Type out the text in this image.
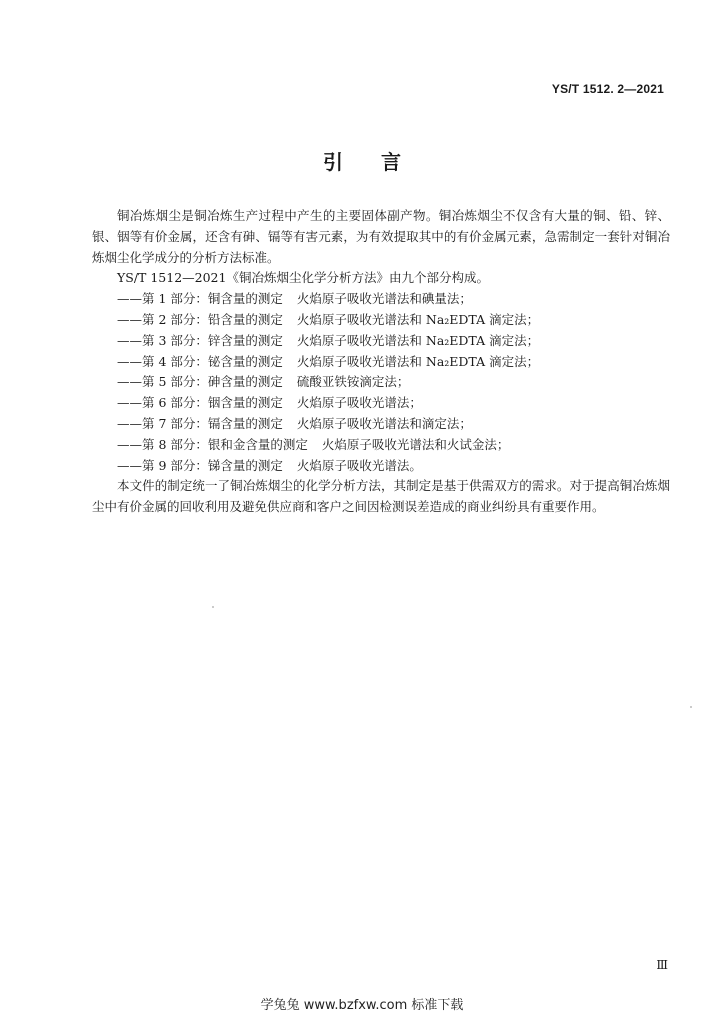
YS/T 1512. 2—2021
引言

铜冶炼烟尘是铜冶炼生产过程中产生的主要固体副产物。铜冶炼烟尘不仅含有大量的铜、铅、锌、银、铟等有价金属，还含有砷、镉等有害元素，为有效提取其中的有价金属元素，急需制定一套针对铜冶炼烟尘化学成分的分析方法标准。

YS/T 1512—2021《铜冶炼烟尘化学分析方法》由九个部分构成。

——第 1 部分：铜含量的测定 火焰原子吸收光谱法和碘量法；
——第 2 部分：铅含量的测定 火焰原子吸收光谱法和 Na₂EDTA 滴定法；
——第 3 部分：锌含量的测定 火焰原子吸收光谱法和 Na₂EDTA 滴定法；
——第 4 部分：铋含量的测定 火焰原子吸收光谱法和 Na₂EDTA 滴定法；
——第 5 部分：砷含量的测定 硫酸亚铁铵滴定法；
——第 6 部分：铟含量的测定 火焰原子吸收光谱法；
——第 7 部分：镉含量的测定 火焰原子吸收光谱法和滴定法；
——第 8 部分：银和金含量的测定 火焰原子吸收光谱法和火试金法；
——第 9 部分：锑含量的测定 火焰原子吸收光谱法。

本文件的制定统一了铜冶炼烟尘的化学分析方法，其制定是基于供需双方的需求。对于提高铜冶炼烟尘中有价金属的回收利用及避免供应商和客户之间因检测误差造成的商业纠纷具有重要作用。

Ⅲ
学兔兔 www.bzfxw.com 标准下载
